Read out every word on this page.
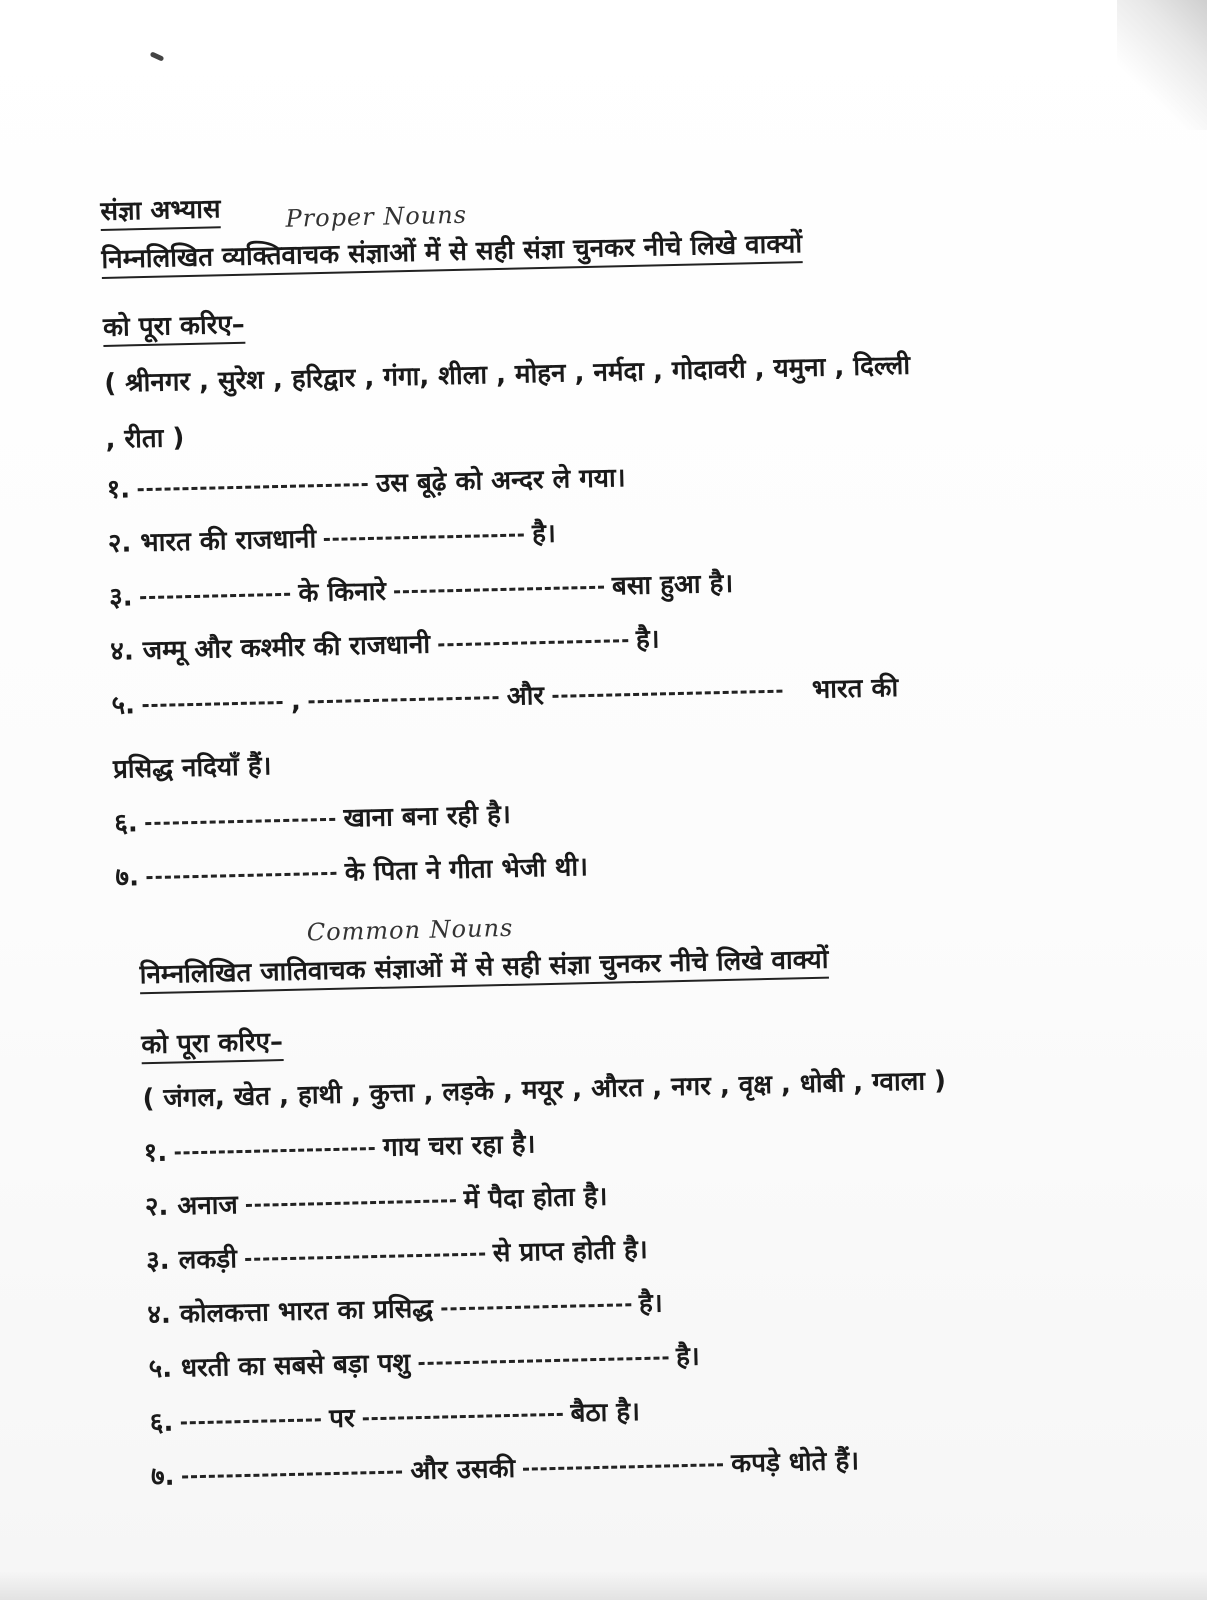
संज्ञा अभ्यास	Proper Nouns
निम्नलिखित व्यक्तिवाचक संज्ञाओं में से सही संज्ञा चुनकर नीचे लिखे वाक्यों
को पूरा करिए–
( श्रीनगर , सुरेश , हरिद्वार , गंगा, शीला , मोहन , नर्मदा , गोदावरी , यमुना , दिल्ली
, रीता )
१.	उस बूढ़े को अन्दर ले गया।
२. भारत की राजधानी	है।
३.	के किनारे	बसा हुआ है।
४. जम्मू और कश्मीर की राजधानी	है।
५.	,	और	भारत की
प्रसिद्ध नदियाँ हैं।
६.	खाना बना रही है।
७.	के पिता ने गीता भेजी थी।
Common Nouns
निम्नलिखित जातिवाचक संज्ञाओं में से सही संज्ञा चुनकर नीचे लिखे वाक्यों
को पूरा करिए–
( जंगल, खेत , हाथी , कुत्ता , लड़के , मयूर , औरत , नगर , वृक्ष , धोबी , ग्वाला )
१.	गाय चरा रहा है।
२. अनाज	में पैदा होता है।
३. लकड़ी	से प्राप्त होती है।
४. कोलकत्ता भारत का प्रसिद्ध	है।
५. धरती का सबसे बड़ा पशु	है।
६.	पर	बैठा है।
७.	और उसकी	कपड़े धोते हैं।
